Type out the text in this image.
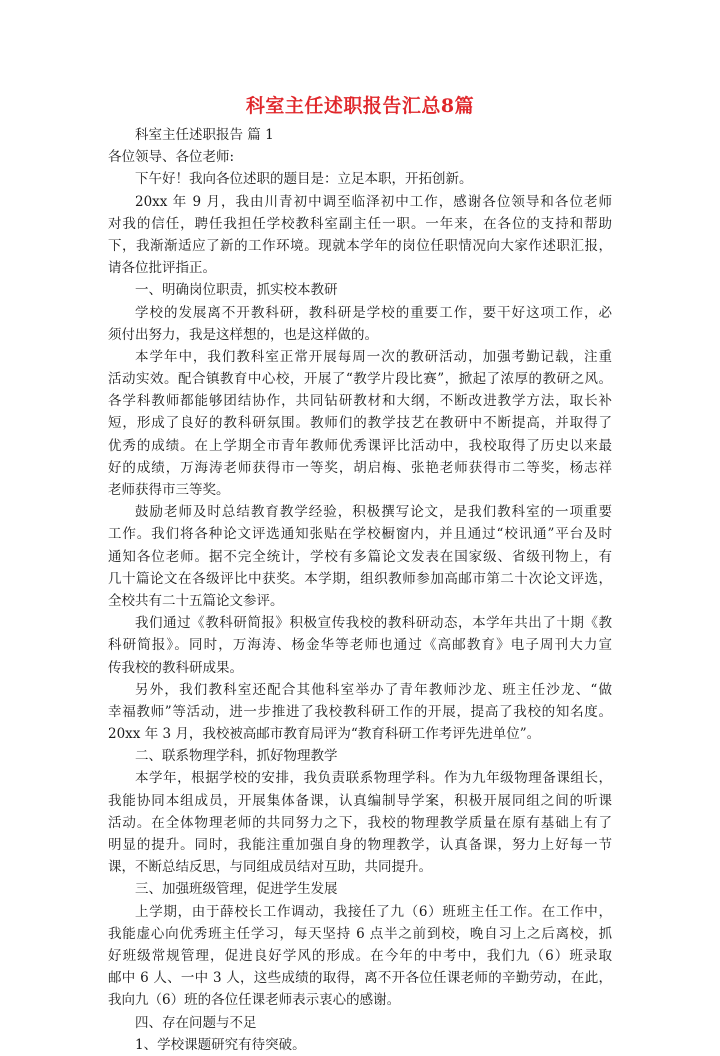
科室主任述职报告汇总8篇
科室主任述职报告 篇 1
各位领导、各位老师:
下午好！我向各位述职的题目是：立足本职，开拓创新。
20xx 年 9 月，我由川青初中调至临泽初中工作，感谢各位领导和各位老师
对我的信任，聘任我担任学校教科室副主任一职。一年来，在各位的支持和帮助
下，我渐渐适应了新的工作环境。现就本学年的岗位任职情况向大家作述职汇报，
请各位批评指正。
一、明确岗位职责，抓实校本教研
学校的发展离不开教科研，教科研是学校的重要工作，要干好这项工作，必
须付出努力，我是这样想的，也是这样做的。
本学年中，我们教科室正常开展每周一次的教研活动，加强考勤记载，注重
活动实效。配合镇教育中心校，开展了“教学片段比赛”，掀起了浓厚的教研之风。
各学科教师都能够团结协作，共同钻研教材和大纲，不断改进教学方法，取长补
短，形成了良好的教科研氛围。教师们的教学技艺在教研中不断提高，并取得了
优秀的成绩。在上学期全市青年教师优秀课评比活动中，我校取得了历史以来最
好的成绩，万海涛老师获得市一等奖，胡启梅、张艳老师获得市二等奖，杨志祥
老师获得市三等奖。
鼓励老师及时总结教育教学经验，积极撰写论文，是我们教科室的一项重要
工作。我们将各种论文评选通知张贴在学校橱窗内，并且通过“校讯通”平台及时
通知各位老师。据不完全统计，学校有多篇论文发表在国家级、省级刊物上，有
几十篇论文在各级评比中获奖。本学期，组织教师参加高邮市第二十次论文评选，
全校共有二十五篇论文参评。
我们通过《教科研简报》积极宣传我校的教科研动态，本学年共出了十期《教
科研简报》。同时，万海涛、杨金华等老师也通过《高邮教育》电子周刊大力宣
传我校的教科研成果。
另外，我们教科室还配合其他科室举办了青年教师沙龙、班主任沙龙、“做
幸福教师”等活动，进一步推进了我校教科研工作的开展，提高了我校的知名度。
20xx 年 3 月，我校被高邮市教育局评为“教育科研工作考评先进单位”。
二、联系物理学科，抓好物理教学
本学年，根据学校的安排，我负责联系物理学科。作为九年级物理备课组长，
我能协同本组成员，开展集体备课，认真编制导学案，积极开展同组之间的听课
活动。在全体物理老师的共同努力之下，我校的物理教学质量在原有基础上有了
明显的提升。同时，我能注重加强自身的物理教学，认真备课，努力上好每一节
课，不断总结反思，与同组成员结对互助，共同提升。
三、加强班级管理，促进学生发展
上学期，由于薛校长工作调动，我接任了九（6）班班主任工作。在工作中，
我能虚心向优秀班主任学习，每天坚持 6 点半之前到校，晚自习上之后离校，抓
好班级常规管理，促进良好学风的形成。在今年的中考中，我们九（6）班录取
邮中 6 人、一中 3 人，这些成绩的取得，离不开各位任课老师的辛勤劳动，在此，
我向九（6）班的各位任课老师表示衷心的感谢。
四、存在问题与不足
1、学校课题研究有待突破。
